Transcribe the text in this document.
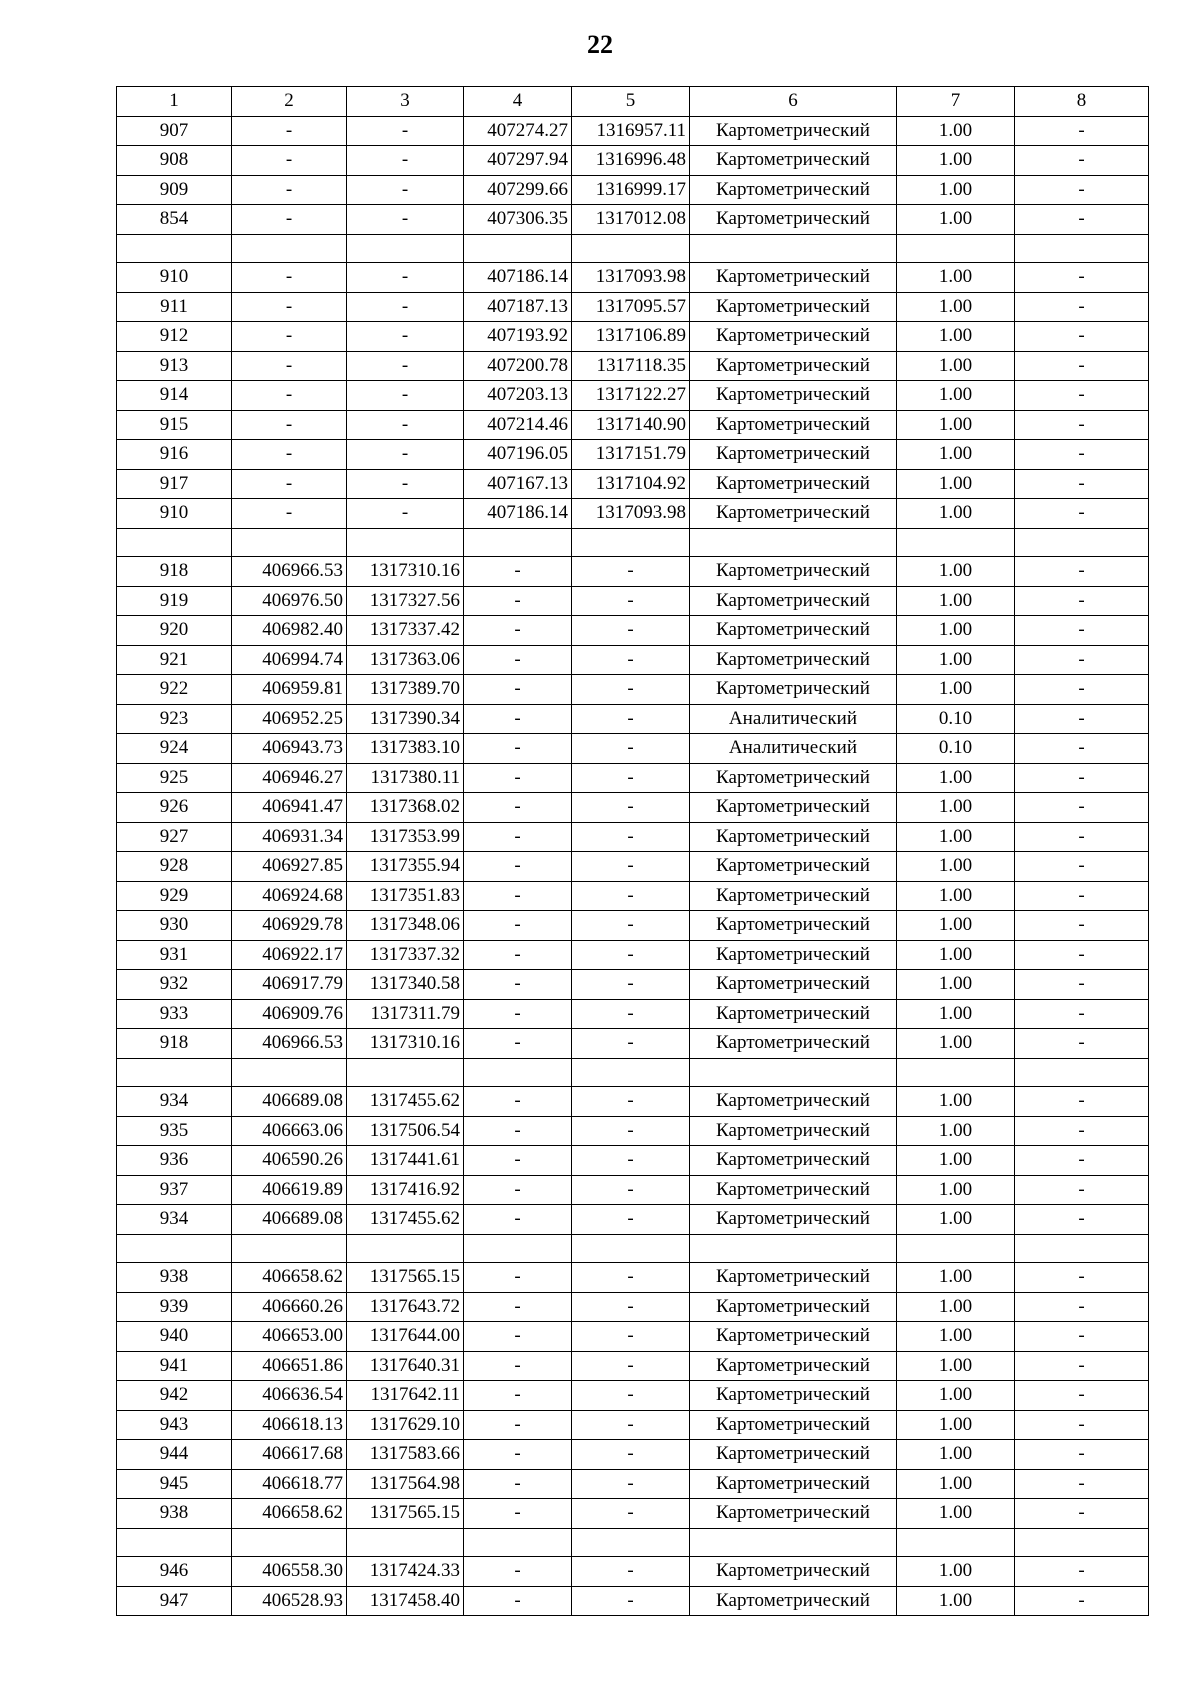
22
1	2	3	4	5	6	7	8
907	-	-	407274.27	1316957.11	Картометрический	1.00	-
908	-	-	407297.94	1316996.48	Картометрический	1.00	-
909	-	-	407299.66	1316999.17	Картометрический	1.00	-
854	-	-	407306.35	1317012.08	Картометрический	1.00	-

910	-	-	407186.14	1317093.98	Картометрический	1.00	-
911	-	-	407187.13	1317095.57	Картометрический	1.00	-
912	-	-	407193.92	1317106.89	Картометрический	1.00	-
913	-	-	407200.78	1317118.35	Картометрический	1.00	-
914	-	-	407203.13	1317122.27	Картометрический	1.00	-
915	-	-	407214.46	1317140.90	Картометрический	1.00	-
916	-	-	407196.05	1317151.79	Картометрический	1.00	-
917	-	-	407167.13	1317104.92	Картометрический	1.00	-
910	-	-	407186.14	1317093.98	Картометрический	1.00	-

918	406966.53	1317310.16	-	-	Картометрический	1.00	-
919	406976.50	1317327.56	-	-	Картометрический	1.00	-
920	406982.40	1317337.42	-	-	Картометрический	1.00	-
921	406994.74	1317363.06	-	-	Картометрический	1.00	-
922	406959.81	1317389.70	-	-	Картометрический	1.00	-
923	406952.25	1317390.34	-	-	Аналитический	0.10	-
924	406943.73	1317383.10	-	-	Аналитический	0.10	-
925	406946.27	1317380.11	-	-	Картометрический	1.00	-
926	406941.47	1317368.02	-	-	Картометрический	1.00	-
927	406931.34	1317353.99	-	-	Картометрический	1.00	-
928	406927.85	1317355.94	-	-	Картометрический	1.00	-
929	406924.68	1317351.83	-	-	Картометрический	1.00	-
930	406929.78	1317348.06	-	-	Картометрический	1.00	-
931	406922.17	1317337.32	-	-	Картометрический	1.00	-
932	406917.79	1317340.58	-	-	Картометрический	1.00	-
933	406909.76	1317311.79	-	-	Картометрический	1.00	-
918	406966.53	1317310.16	-	-	Картометрический	1.00	-

934	406689.08	1317455.62	-	-	Картометрический	1.00	-
935	406663.06	1317506.54	-	-	Картометрический	1.00	-
936	406590.26	1317441.61	-	-	Картометрический	1.00	-
937	406619.89	1317416.92	-	-	Картометрический	1.00	-
934	406689.08	1317455.62	-	-	Картометрический	1.00	-

938	406658.62	1317565.15	-	-	Картометрический	1.00	-
939	406660.26	1317643.72	-	-	Картометрический	1.00	-
940	406653.00	1317644.00	-	-	Картометрический	1.00	-
941	406651.86	1317640.31	-	-	Картометрический	1.00	-
942	406636.54	1317642.11	-	-	Картометрический	1.00	-
943	406618.13	1317629.10	-	-	Картометрический	1.00	-
944	406617.68	1317583.66	-	-	Картометрический	1.00	-
945	406618.77	1317564.98	-	-	Картометрический	1.00	-
938	406658.62	1317565.15	-	-	Картометрический	1.00	-

946	406558.30	1317424.33	-	-	Картометрический	1.00	-
947	406528.93	1317458.40	-	-	Картометрический	1.00	-
